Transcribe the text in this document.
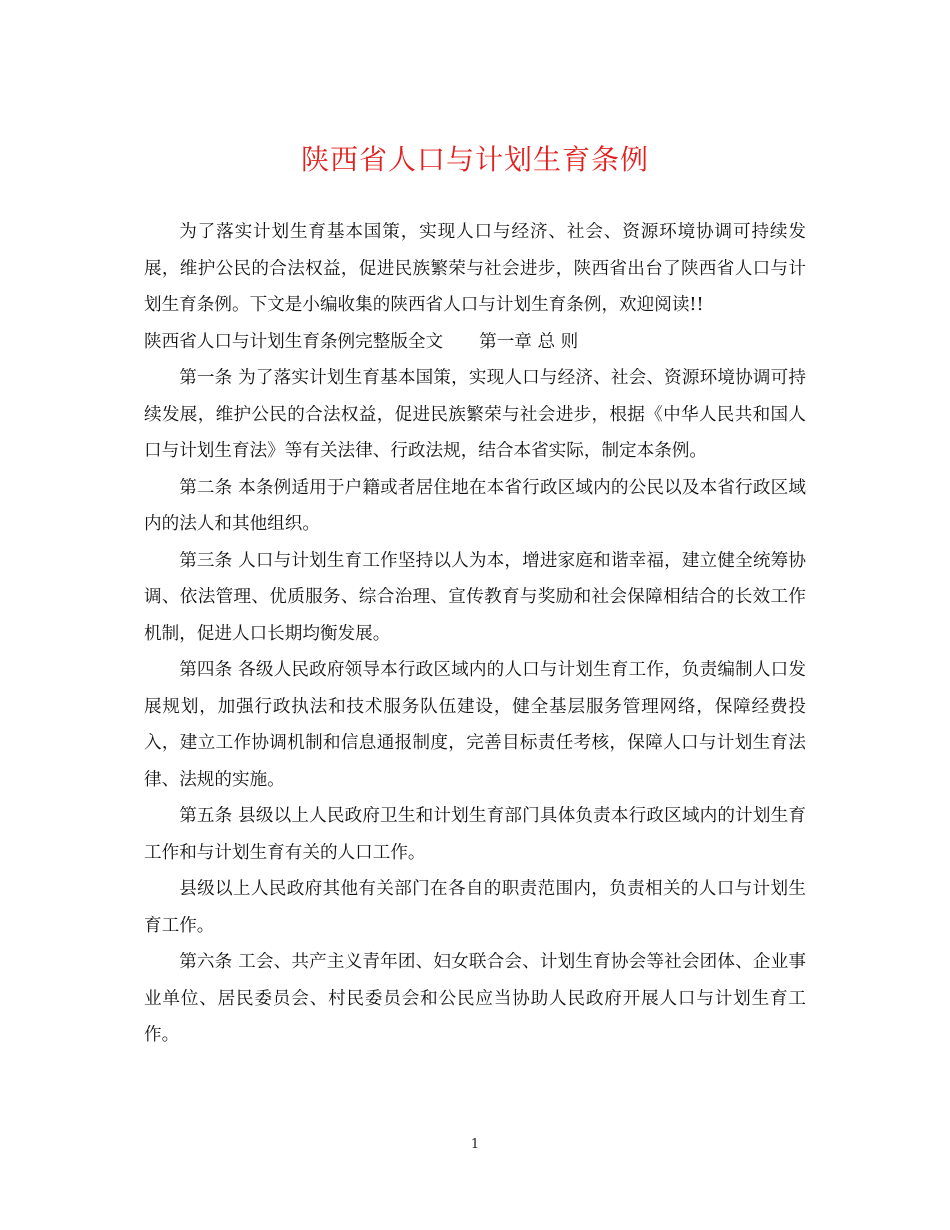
陕西省人口与计划生育条例

为了落实计划生育基本国策，实现人口与经济、社会、资源环境协调可持续发展，维护公民的合法权益，促进民族繁荣与社会进步，陕西省出台了陕西省人口与计划生育条例。下文是小编收集的陕西省人口与计划生育条例，欢迎阅读!!

陕西省人口与计划生育条例完整版全文 第一章 总 则

第一条 为了落实计划生育基本国策，实现人口与经济、社会、资源环境协调可持续发展，维护公民的合法权益，促进民族繁荣与社会进步，根据《中华人民共和国人口与计划生育法》等有关法律、行政法规，结合本省实际，制定本条例。

第二条 本条例适用于户籍或者居住地在本省行政区域内的公民以及本省行政区域内的法人和其他组织。

第三条 人口与计划生育工作坚持以人为本，增进家庭和谐幸福，建立健全统筹协调、依法管理、优质服务、综合治理、宣传教育与奖励和社会保障相结合的长效工作机制，促进人口长期均衡发展。

第四条 各级人民政府领导本行政区域内的人口与计划生育工作，负责编制人口发展规划，加强行政执法和技术服务队伍建设，健全基层服务管理网络，保障经费投入，建立工作协调机制和信息通报制度，完善目标责任考核，保障人口与计划生育法律、法规的实施。

第五条 县级以上人民政府卫生和计划生育部门具体负责本行政区域内的计划生育工作和与计划生育有关的人口工作。

县级以上人民政府其他有关部门在各自的职责范围内，负责相关的人口与计划生育工作。

第六条 工会、共产主义青年团、妇女联合会、计划生育协会等社会团体、企业事业单位、居民委员会、村民委员会和公民应当协助人民政府开展人口与计划生育工作。

1
